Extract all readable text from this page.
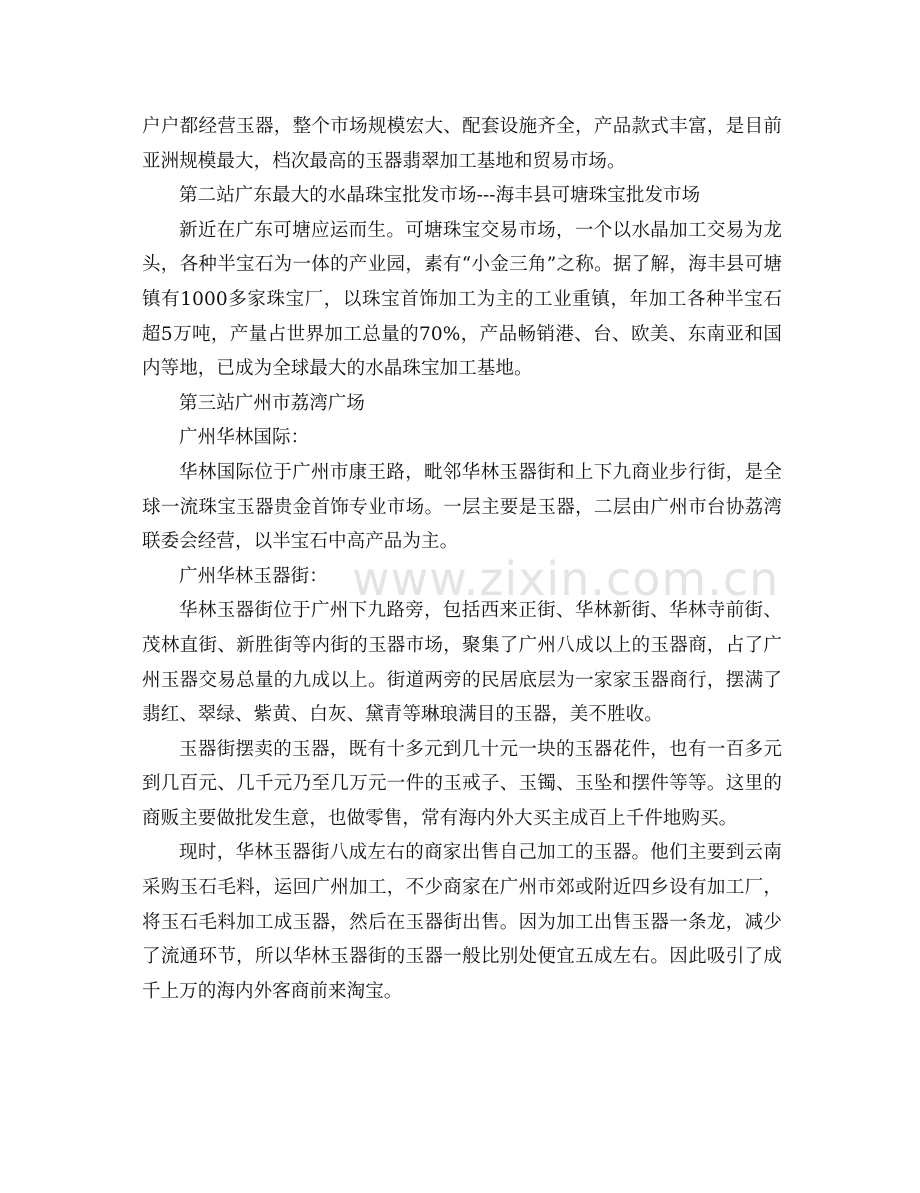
户户都经营玉器，整个市场规模宏大、配套设施齐全，产品款式丰富，是目前亚洲规模最大，档次最高的玉器翡翠加工基地和贸易市场。

第二站广东最大的水晶珠宝批发市场---海丰县可塘珠宝批发市场

新近在广东可塘应运而生。可塘珠宝交易市场，一个以水晶加工交易为龙头，各种半宝石为一体的产业园，素有“小金三角”之称。据了解，海丰县可塘镇有1000多家珠宝厂，以珠宝首饰加工为主的工业重镇，年加工各种半宝石超5万吨，产量占世界加工总量的70%，产品畅销港、台、欧美、东南亚和国内等地，已成为全球最大的水晶珠宝加工基地。

第三站广州市荔湾广场

广州华林国际：

华林国际位于广州市康王路，毗邻华林玉器街和上下九商业步行街，是全球一流珠宝玉器贵金首饰专业市场。一层主要是玉器，二层由广州市台协荔湾联委会经营，以半宝石中高产品为主。

广州华林玉器街：

华林玉器街位于广州下九路旁，包括西来正街、华林新街、华林寺前街、茂林直街、新胜街等内街的玉器市场，聚集了广州八成以上的玉器商，占了广州玉器交易总量的九成以上。街道两旁的民居底层为一家家玉器商行，摆满了翡红、翠绿、紫黄、白灰、黛青等琳琅满目的玉器，美不胜收。

玉器街摆卖的玉器，既有十多元到几十元一块的玉器花件，也有一百多元到几百元、几千元乃至几万元一件的玉戒子、玉镯、玉坠和摆件等等。这里的商贩主要做批发生意，也做零售，常有海内外大买主成百上千件地购买。

现时，华林玉器街八成左右的商家出售自己加工的玉器。他们主要到云南采购玉石毛料，运回广州加工，不少商家在广州市郊或附近四乡设有加工厂，将玉石毛料加工成玉器，然后在玉器街出售。因为加工出售玉器一条龙，减少了流通环节，所以华林玉器街的玉器一般比别处便宜五成左右。因此吸引了成千上万的海内外客商前来淘宝。

www.zixin.com.cn
